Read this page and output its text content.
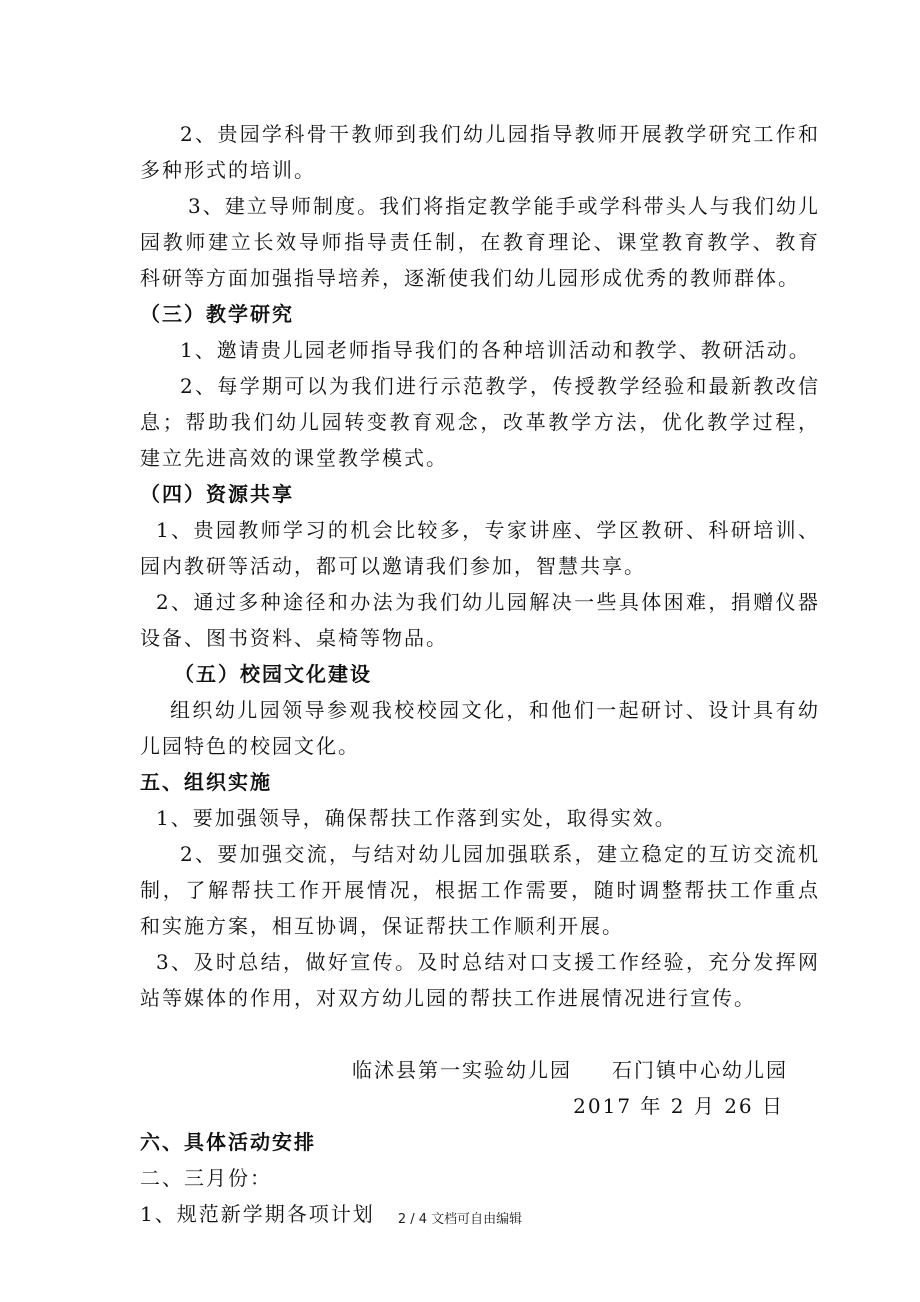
2、贵园学科骨干教师到我们幼儿园指导教师开展教学研究工作和多种形式的培训。

3、建立导师制度。我们将指定教学能手或学科带头人与我们幼儿园教师建立长效导师指导责任制，在教育理论、课堂教育教学、教育科研等方面加强指导培养，逐渐使我们幼儿园形成优秀的教师群体。

（三）教学研究

1、邀请贵儿园老师指导我们的各种培训活动和教学、教研活动。

2、每学期可以为我们进行示范教学，传授教学经验和最新教改信息；帮助我们幼儿园转变教育观念，改革教学方法，优化教学过程，建立先进高效的课堂教学模式。

（四）资源共享

1、贵园教师学习的机会比较多，专家讲座、学区教研、科研培训、园内教研等活动，都可以邀请我们参加，智慧共享。

2、通过多种途径和办法为我们幼儿园解决一些具体困难，捐赠仪器设备、图书资料、桌椅等物品。

（五）校园文化建设

组织幼儿园领导参观我校校园文化，和他们一起研讨、设计具有幼儿园特色的校园文化。

五、组织实施

1、要加强领导，确保帮扶工作落到实处，取得实效。

2、要加强交流，与结对幼儿园加强联系，建立稳定的互访交流机制，了解帮扶工作开展情况，根据工作需要，随时调整帮扶工作重点和实施方案，相互协调，保证帮扶工作顺利开展。

3、及时总结，做好宣传。及时总结对口支援工作经验，充分发挥网站等媒体的作用，对双方幼儿园的帮扶工作进展情况进行宣传。

临沭县第一实验幼儿园 石门镇中心幼儿园

2017 年 2 月 26 日

六、具体活动安排

二、三月份：

1、规范新学期各项计划	2 / 4 文档可自由编辑
